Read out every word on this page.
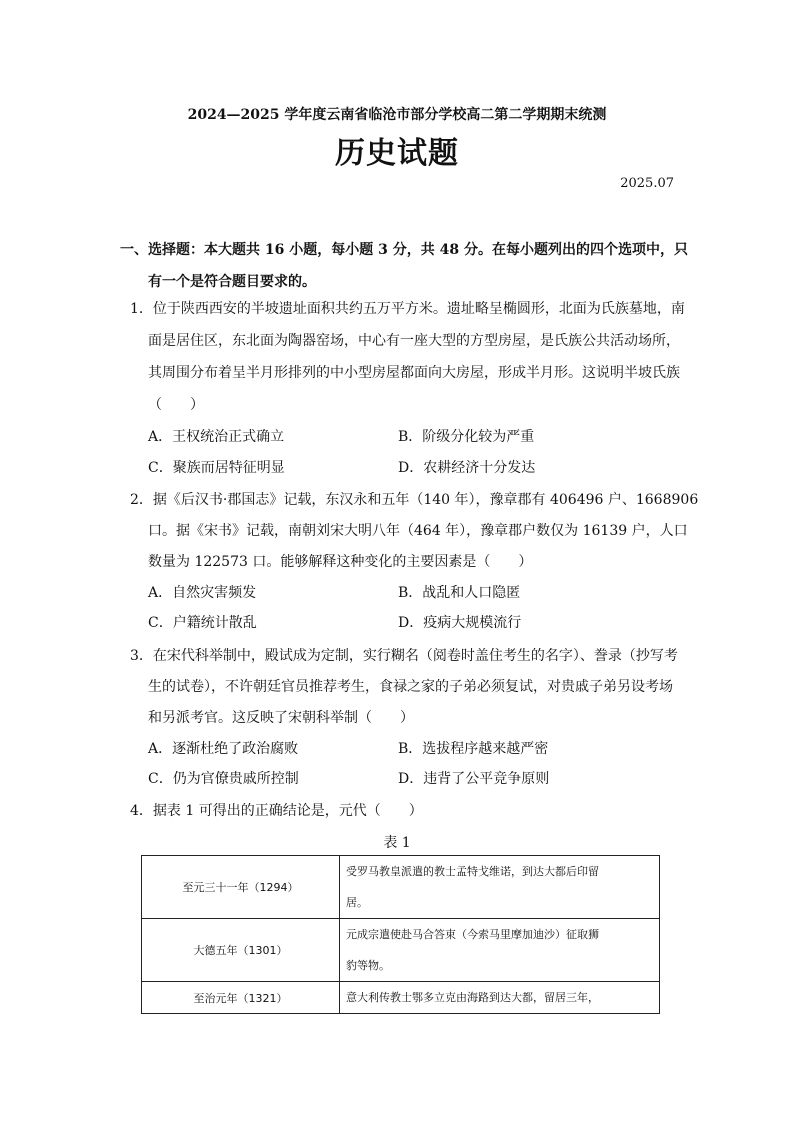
2024—2025 学年度云南省临沧市部分学校高二第二学期期末统测
历史试题
2025.07
一、选择题：本大题共 16 小题，每小题 3 分，共 48 分。在每小题列出的四个选项中，只
有一个是符合题目要求的。
1．位于陕西西安的半坡遗址面积共约五万平方米。遗址略呈椭圆形，北面为氏族墓地，南
面是居住区，东北面为陶器窑场，中心有一座大型的方型房屋，是氏族公共活动场所，
其周围分布着呈半月形排列的中小型房屋都面向大房屋，形成半月形。这说明半坡氏族
（　　）
A．王权统治正式确立	B．阶级分化较为严重
C．聚族而居特征明显	D．农耕经济十分发达
2．据《后汉书·郡国志》记载，东汉永和五年（140 年），豫章郡有 406496 户、1668906
口。据《宋书》记载，南朝刘宋大明八年（464 年），豫章郡户数仅为 16139 户，人口
数量为 122573 口。能够解释这种变化的主要因素是（　　）
A．自然灾害频发	B．战乱和人口隐匿
C．户籍统计散乱	D．疫病大规模流行
3．在宋代科举制中，殿试成为定制，实行糊名（阅卷时盖住考生的名字）、誊录（抄写考
生的试卷），不许朝廷官员推荐考生，食禄之家的子弟必须复试，对贵戚子弟另设考场
和另派考官。这反映了宋朝科举制（　　）
A．逐渐杜绝了政治腐败	B．选拔程序越来越严密
C．仍为官僚贵戚所控制	D．违背了公平竞争原则
4．据表 1 可得出的正确结论是，元代（　　）
表 1
至元三十一年（1294）	受罗马教皇派遣的教士孟特戈维诺，到达大都后印留
居。

大德五年（1301）	元成宗遣使赴马合答束（今索马里摩加迪沙）征取狮
豹等物。

至治元年（1321）	意大利传教士鄂多立克由海路到达大都，留居三年，
